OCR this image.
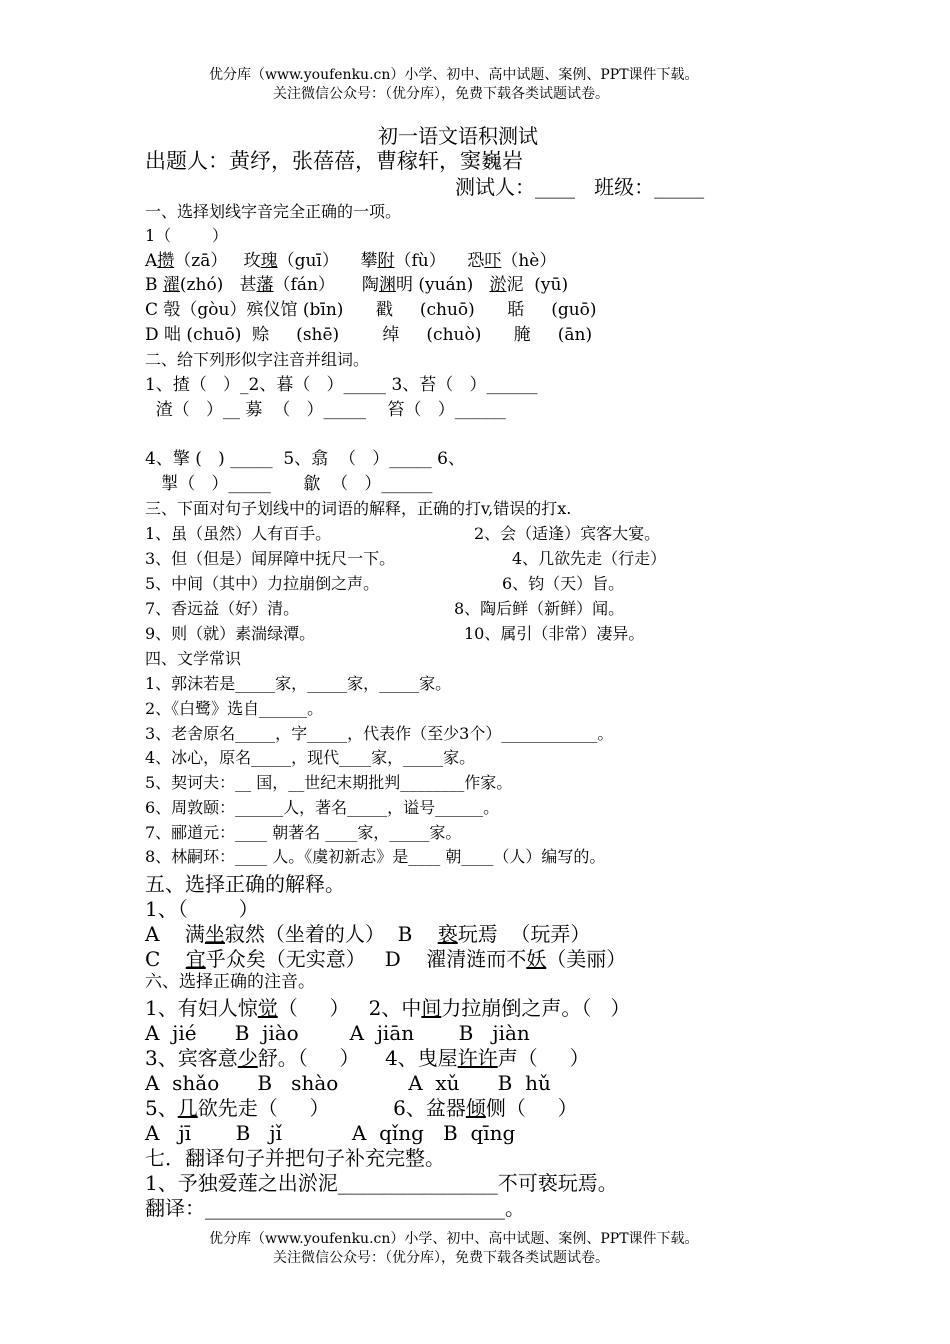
优分库（www.youfenku.cn）小学、初中、高中试题、案例、PPT课件下载。
关注微信公众号：（优分库），免费下载各类试题试卷。
初一语文语积测试
出题人：黄纾，张蓓蓓，曹稼轩，窦巍岩
测试人：____   班级：_____
一、选择划线字音完全正确的一项。
1（        ）
A攒（zā）   玫瑰（guī）    攀附（fù）    恐吓（hè）
B 濯(zhó)   甚藩（fán）     陶渊明 (yuán)   淤泥  (yū)
C 彀（gòu）殡仪馆 (bīn)      戳     (chuō)      聒     (guō)
D 咄 (chuō)  赊     (shē)        绰     (chuò)      腌     (ān)
二、给下列形似字注音并组词。
1、揸（   ）_2、暮（   ）_____ 3、苔（   ）______
渣（   ）__ 募  （   ）_____    笞（   ）______
4、擎 (   ) _____  5、翕  （   ）_____ 6、
掣（   ）_____      歙  （   ）______
三、下面对句子划线中的词语的解释，正确的打v,错误的打x.
1、虽（虽然）人有百手。	2、会（适逢）宾客大宴。
3、但（但是）闻屏障中抚尺一下。	4、几欲先走（行走）
5、中间（其中）力拉崩倒之声。	6、钧（天）旨。
7、香远益（好）清。	8、陶后鲜（新鲜）闻。
9、则（就）素湍绿潭。	10、属引（非常）凄异。
四、文学常识
1、郭沫若是_____家，_____家，_____家。
2、《白鹭》选自______。
3、老舍原名_____，字_____，代表作（至少3个）____________。
4、冰心，原名_____，现代____家，_____家。
5、契诃夫：__ 国，__世纪末期批判________作家。
6、周敦颐：______人，著名_____，谥号______。
7、郦道元：____ 朝著名 ____家，_____家。
8、林嗣环：____ 人。《虞初新志》是____ 朝____（人）编写的。
五、选择正确的解释。
1、（        ）
A    满坐寂然（坐着的人）  B    亵玩焉  （玩弄）
C    宜乎众矣（无实意）   D    濯清涟而不妖（美丽）
六、选择正确的注音。
1、有妇人惊觉（     ）   2、中间力拉崩倒之声。（   ）
A  jié      B  jiào        A  jiān       B   jiàn
3、宾客意少舒。（     ）    4、曳屋许许声（     ）
A  shǎo      B   shào           A  xǔ      B  hǔ
5、几欲先走（     ）          6、盆器倾侧（     ）
A   jī       B   jǐ           A  qǐng   B  qīng
七．翻译句子并把句子补充完整。
1、予独爱莲之出淤泥________________不可亵玩焉。
翻译：______________________________。
优分库（www.youfenku.cn）小学、初中、高中试题、案例、PPT课件下载。
关注微信公众号：（优分库），免费下载各类试题试卷。
